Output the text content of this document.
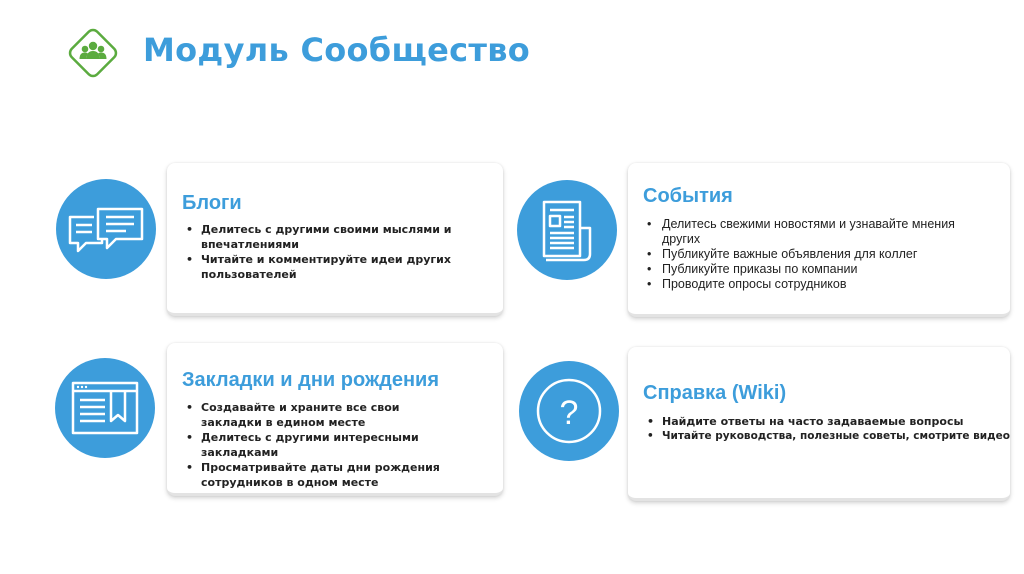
Модуль Сообщество
Блоги
• Делитесь с другими своими мыслями и впечатлениями
• Читайте и комментируйте идеи других пользователей
События
• Делитесь свежими новостями и узнавайте мнения других
• Публикуйте важные объявления для коллег
• Публикуйте приказы по компании
• Проводите опросы сотрудников
Закладки и дни рождения
• Создавайте и храните все свои закладки в едином месте
• Делитесь с другими интересными закладками
• Просматривайте даты дни рождения сотрудников в одном месте
?
Справка (Wiki)
• Найдите ответы на часто задаваемые вопросы
• Читайте руководства, полезные советы, смотрите видео
